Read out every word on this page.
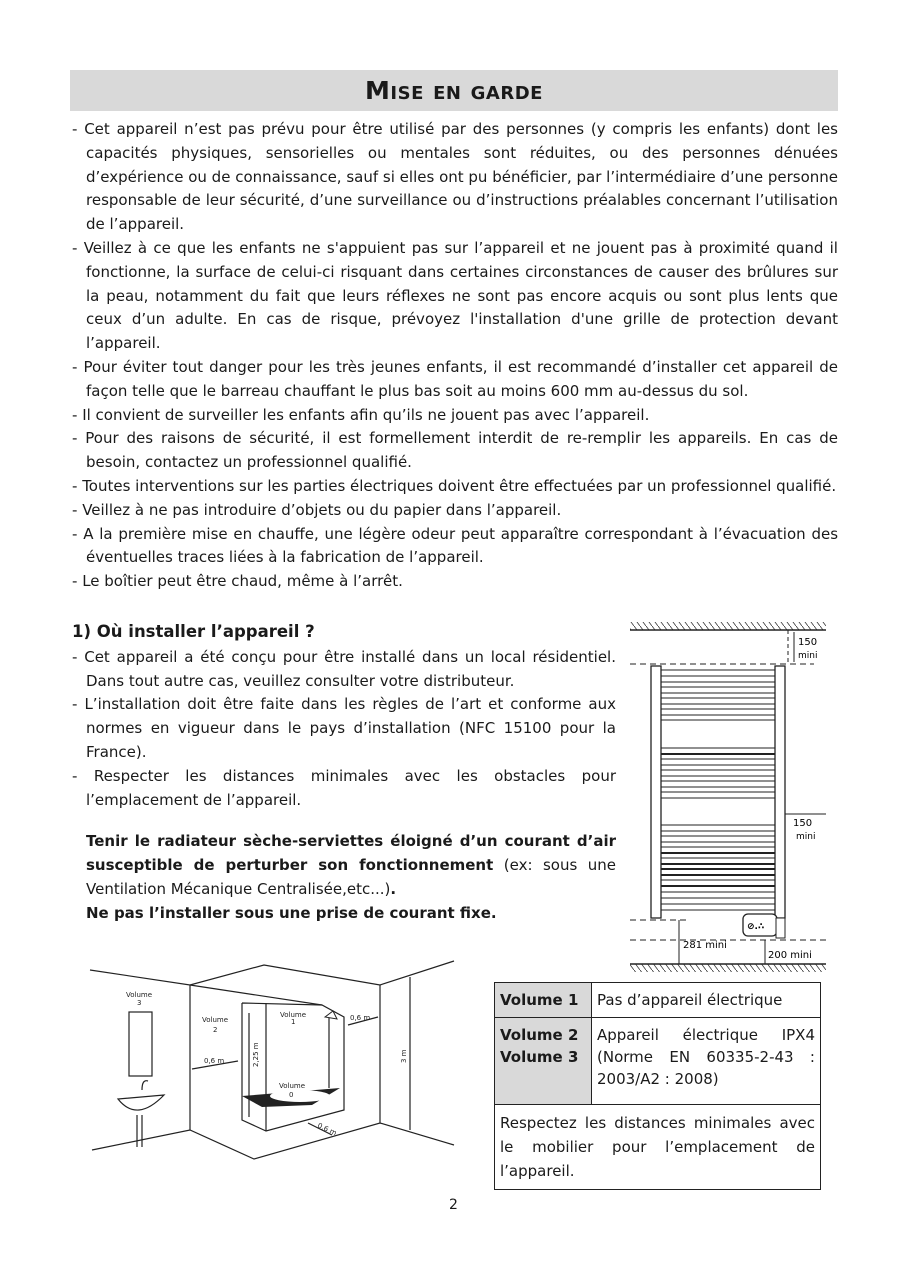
Mise en garde
- Cet appareil n’est pas prévu pour être utilisé par des personnes (y compris les enfants) dont les capacités physiques, sensorielles ou mentales sont réduites, ou des personnes dénuées d’expérience ou de connaissance, sauf si elles ont pu bénéficier, par l’intermédiaire d’une personne responsable de leur sécurité, d’une surveillance ou d’instructions préalables concernant l’utilisation de l’appareil.
- Veillez à ce que les enfants ne s'appuient pas sur l’appareil et ne jouent pas à proximité quand il fonctionne, la surface de celui-ci risquant dans certaines circonstances de causer des brûlures sur la peau, notamment du fait que leurs réflexes ne sont pas encore acquis ou sont plus lents que ceux d’un adulte. En cas de risque, prévoyez l'installation d'une grille de protection devant l’appareil.
- Pour éviter tout danger pour les très jeunes enfants, il est recommandé d’installer cet appareil de façon telle que le barreau chauffant le plus bas soit au moins 600 mm au-dessus du sol.
- Il convient de surveiller les enfants afin qu’ils ne jouent pas avec l’appareil.
- Pour des raisons de sécurité, il est formellement interdit de re-remplir les appareils. En cas de besoin, contactez un professionnel qualifié.
- Toutes interventions sur les parties électriques doivent être effectuées par un professionnel qualifié.
- Veillez à ne pas introduire d’objets ou du papier dans l’appareil.
- A la première mise en chauffe, une légère odeur peut apparaître correspondant à l’évacuation des éventuelles traces liées à la fabrication de l’appareil.
- Le boîtier peut être chaud, même à l’arrêt.
1) Où installer l’appareil ?
- Cet appareil a été conçu pour être installé dans un local résidentiel. Dans tout autre cas, veuillez consulter votre distributeur.
- L’installation doit être faite dans les règles de l’art et conforme aux normes en vigueur dans le pays d’installation (NFC 15100 pour la France).
- Respecter les distances minimales avec les obstacles pour l’emplacement de l’appareil.
Tenir le radiateur sèche-serviettes éloigné d’un courant d’air susceptible de perturber son fonctionnement (ex: sous une Ventilation Mécanique Centralisée,etc...).
Ne pas l’installer sous une prise de courant fixe.
150
mini
150
mini
⊘.∴
281 mini
200 mini
Volume
3
Volume
2
Volume
1
Volume
0
0,6 m
0,6 m
0,6 m
2,25 m	3 m
Volume 1	Pas d’appareil électrique
Volume 2
Volume 3	Appareil électrique IPX4 (Norme EN 60335-2-43 : 2003/A2 : 2008)
Respectez les distances minimales avec le mobilier pour l’emplacement de l’appareil.	
2
